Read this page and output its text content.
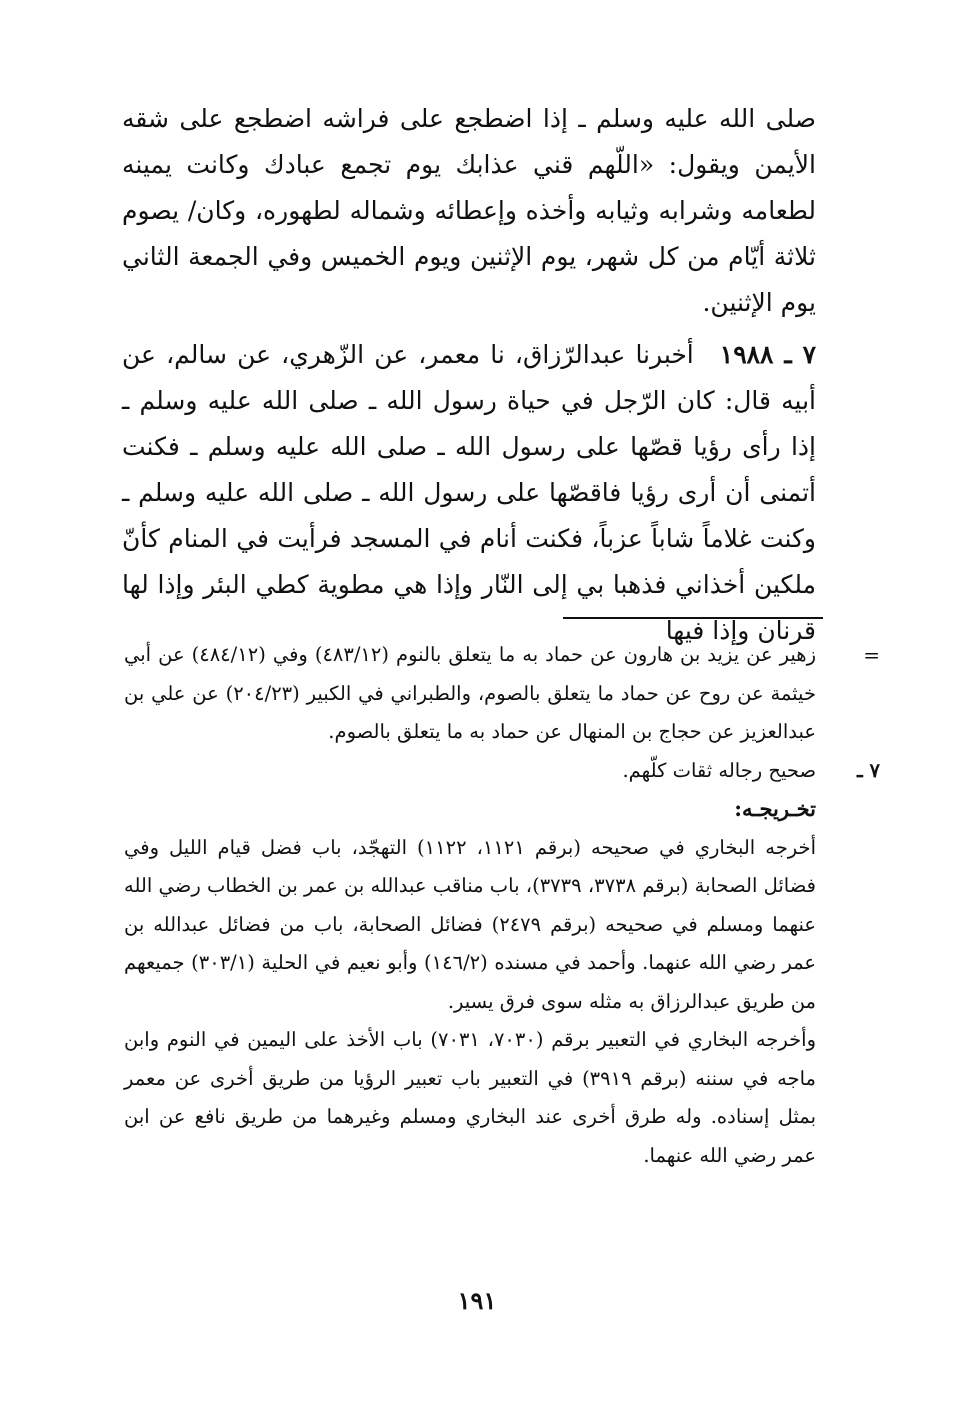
صلى الله عليه وسلم ـ إذا اضطجع على فراشه اضطجع على شقه الأيمن ويقول: «اللّهم قني عذابك يوم تجمع عبادك وكانت يمينه لطعامه وشرابه وثيابه وأخذه وإعطائه وشماله لطهوره، وكان/ يصوم ثلاثة أيّام من كل شهر، يوم الإثنين ويوم الخميس وفي الجمعة الثاني يوم الإثنين.

٧ ـ ١٩٨٨أخبرنا عبدالرّزاق، نا معمر، عن الزّهري، عن سالم، عن أبيه قال: كان الرّجل في حياة رسول الله ـ صلى الله عليه وسلم ـ إذا رأى رؤيا قصّها على رسول الله ـ صلى الله عليه وسلم ـ فكنت أتمنى أن أرى رؤيا فاقصّها على رسول الله ـ صلى الله عليه وسلم ـ وكنت غلاماً شاباً عزباً، فكنت أنام في المسجد فرأيت في المنام كأنّ ملكين أخذاني فذهبا بي إلى النّار وإذا هي مطوية كطي البئر وإذا لها قرنان وإذا فيها

=

زهير عن يزيد بن هارون عن حماد به ما يتعلق بالنوم (٤٨٣/١٢) وفي (٤٨٤/١٢) عن أبي خيثمة عن روح عن حماد ما يتعلق بالصوم، والطبراني في الكبير (٢٠٤/٢٣) عن علي بن عبدالعزيز عن حجاج بن المنهال عن حماد به ما يتعلق بالصوم.

٧ ـ

صحيح رجاله ثقات كلّهم.

تخـريجـه:

أخرجه البخاري في صحيحه (برقم ١١٢١، ١١٢٢) التهجّد، باب فضل قيام الليل وفي فضائل الصحابة (برقم ٣٧٣٨، ٣٧٣٩)، باب مناقب عبدالله بن عمر بن الخطاب رضي الله عنهما ومسلم في صحيحه (برقم ٢٤٧٩) فضائل الصحابة، باب من فضائل عبدالله بن عمر رضي الله عنهما. وأحمد في مسنده (١٤٦/٢) وأبو نعيم في الحلية (٣٠٣/١) جميعهم من طريق عبدالرزاق به مثله سوى فرق يسير.

وأخرجه البخاري في التعبير برقم (٧٠٣٠، ٧٠٣١) باب الأخذ على اليمين في النوم وابن ماجه في سننه (برقم ٣٩١٩) في التعبير باب تعبير الرؤيا من طريق أخرى عن معمر بمثل إسناده. وله طرق أخرى عند البخاري ومسلم وغيرهما من طريق نافع عن ابن عمر رضي الله عنهما.

١٩١
